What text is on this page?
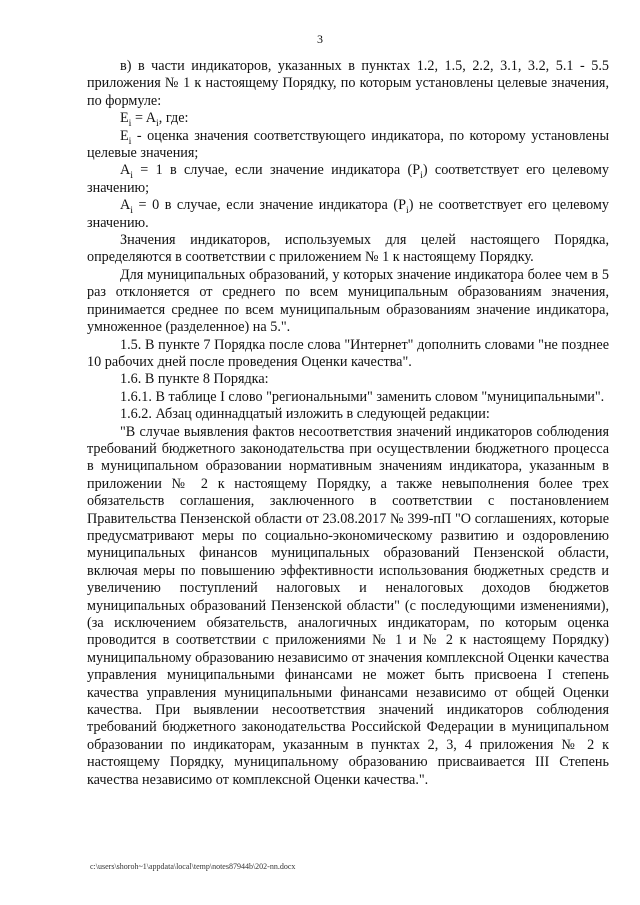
3

в) в части индикаторов, указанных в пунктах 1.2, 1.5, 2.2, 3.1, 3.2, 5.1 - 5.5 приложения № 1 к настоящему Порядку, по которым установлены целевые значения, по формуле:

$E_i = A_i$, где:

$E_i$ - оценка значения соответствующего индикатора, по которому установлены целевые значения;

$A_i = 1$ в случае, если значение индикатора $(P_i)$ соответствует его целевому значению;

$A_i = 0$ в случае, если значение индикатора $(P_i)$ не соответствует его целевому значению.

Значения индикаторов, используемых для целей настоящего Порядка, определяются в соответствии с приложением № 1 к настоящему Порядку.

Для муниципальных образований, у которых значение индикатора более чем в 5 раз отклоняется от среднего по всем муниципальным образованиям значения, принимается среднее по всем муниципальным образованиям значение индикатора, умноженное (разделенное) на 5.".

1.5. В пункте 7 Порядка после слова "Интернет" дополнить словами "не позднее 10 рабочих дней после проведения Оценки качества".

1.6. В пункте 8 Порядка:

1.6.1. В таблице I слово "региональными" заменить словом "муниципальными".

1.6.2. Абзац одиннадцатый изложить в следующей редакции:

"В случае выявления фактов несоответствия значений индикаторов соблюдения требований бюджетного законодательства при осуществлении бюджетного процесса в муниципальном образовании нормативным значениям индикатора, указанным в приложении № 2 к настоящему Порядку, а также невыполнения более трех обязательств соглашения, заключенного в соответствии с постановлением Правительства Пензенской области от 23.08.2017 № 399-пП "О соглашениях, которые предусматривают меры по социально-экономическому развитию и оздоровлению муниципальных финансов муниципальных образований Пензенской области, включая меры по повышению эффективности использования бюджетных средств и увеличению поступлений налоговых и неналоговых доходов бюджетов муниципальных образований Пензенской области" (с последующими изменениями), (за исключением обязательств, аналогичных индикаторам, по которым оценка проводится в соответствии с приложениями № 1 и № 2 к настоящему Порядку) муниципальному образованию независимо от значения комплексной Оценки качества управления муниципальными финансами не может быть присвоена I степень качества управления муниципальными финансами независимо от общей Оценки качества. При выявлении несоответствия значений индикаторов соблюдения требований бюджетного законодательства Российской Федерации в муниципальном образовании по индикаторам, указанным в пунктах 2, 3, 4 приложения № 2 к настоящему Порядку, муниципальному образованию присваивается III Степень качества независимо от комплексной Оценки качества.".

c:\users\shoroh~1\appdata\local\temp\notes87944b\202-nn.docx
